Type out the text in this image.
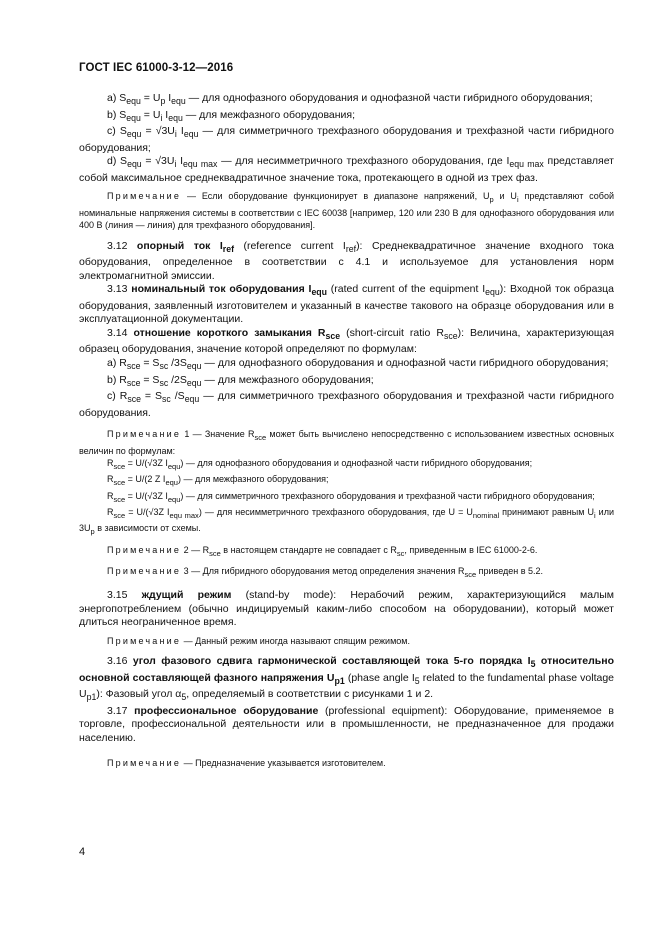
ГОСТ IEC 61000-3-12—2016

a) $S_{equ} = U_p$ $I_{equ}$ — для однофазного оборудования и однофазной части гибридного оборудования;

b) $S_{equ} = U_i$ $I_{equ}$ — для межфазного оборудования;

c) $S_{equ} = √3U_i$ $I_{equ}$ — для симметричного трехфазного оборудования и трехфазной части гибридного оборудования;

d) $S_{equ} = √3U_i$ $I_{equ max}$ — для несимметричного трехфазного оборудования, где $I_{equ max}$ представляет собой максимальное среднеквадратичное значение тока, протекающего в одной из трех фаз.

Примечание — Если оборудование функционирует в диапазоне напряжений, $U_p$ и $U_i$ представляют собой номинальные напряжения системы в соответствии с IEC 60038 [например, 120 или 230 В для однофазного оборудования или 400 В (линия — линия) для трехфазного оборудования].

3.12 опорный ток $I_{ref}$ (reference current $I_{ref}$): Среднеквадратичное значение входного тока оборудования, определенное в соответствии с 4.1 и используемое для установления норм электромагнитной эмиссии.

3.13 номинальный ток оборудования $I_{equ}$ (rated current of the equipment $I_{equ}$): Входной ток образца оборудования, заявленный изготовителем и указанный в качестве такового на образце оборудования или в эксплуатационной документации.

3.14 отношение короткого замыкания $R_{sce}$ (short-circuit ratio $R_{sce}$): Величина, характеризующая образец оборудования, значение которой определяют по формулам:

a) $R_{sce} = S_{sc}$ $/3S_{equ}$ — для однофазного оборудования и однофазной части гибридного оборудования;

b) $R_{sce} = S_{sc}$ $/2S_{equ}$ — для межфазного оборудования;

c) $R_{sce} = S_{sc}$ $/S_{equ}$ — для симметричного трехфазного оборудования и трехфазной части гибридного оборудования.

Примечание 1 — Значение $R_{sce}$ может быть вычислено непосредственно с использованием известных основных величин по формулам:

$R_{sce} = U/(√3Z$ $I_{equ}$) — для однофазного оборудования и однофазной части гибридного оборудования;

$R_{sce} = U/(2$ Z $I_{equ}$) — для межфазного оборудования;

$R_{sce} = U/(√3Z$ $I_{equ}$) — для симметричного трехфазного оборудования и трехфазной части гибридного оборудования;

$R_{sce} = U/(√3Z$ $I_{equ max}$) — для несимметричного трехфазного оборудования, где $U = U_{nominal}$ принимают равным $U_i$ или $3U_p$ в зависимости от схемы.

Примечание 2 — $R_{sce}$ в настоящем стандарте не совпадает с $R_{sc}$, приведенным в IEC 61000-2-6.

Примечание 3 — Для гибридного оборудования метод определения значения $R_{sce}$ приведен в 5.2.

3.15 ждущий режим (stand-by mode): Нерабочий режим, характеризующийся малым энергопотреблением (обычно индицируемый каким-либо способом на оборудовании), который может длиться неограниченное время.

Примечание — Данный режим иногда называют спящим режимом.

3.16 угол фазового сдвига гармонической составляющей тока 5-го порядка $I_5$ относительно основной составляющей фазного напряжения $U_{p1}$ (phase angle $I_5$ related to the fundamental phase voltage $U_{p1}$): Фазовый угол $\alpha_5$, определяемый в соответствии с рисунками 1 и 2.

3.17 профессиональное оборудование (professional equipment): Оборудование, применяемое в торговле, профессиональной деятельности или в промышленности, не предназначенное для продажи населению.

Примечание — Предназначение указывается изготовителем.

4
